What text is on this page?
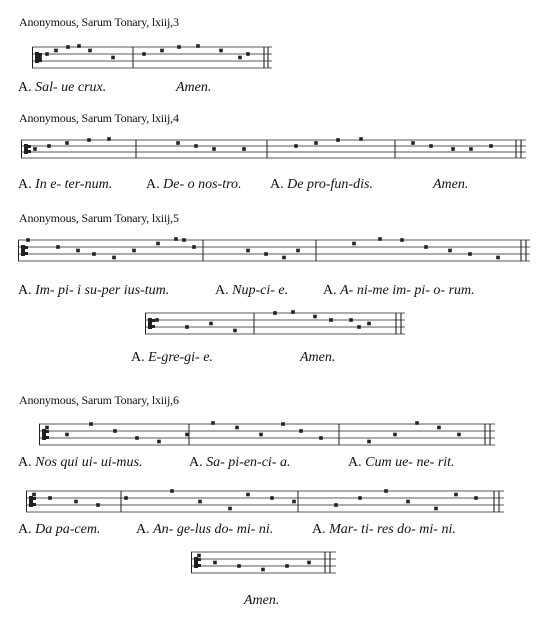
Anonymous, Sarum Tonary, lxiij,3
Anonymous, Sarum Tonary, lxiij,4
Anonymous, Sarum Tonary, lxiij,5
Anonymous, Sarum Tonary, lxiij,6
A. Sal- ue crux.	Amen.
A. In e- ter-num. A. De- o nos-tro. A. De pro-fun-dis.	Amen.
A. Im- pi- i su-per ius-tum.	A. Nup-ci- e. A. A- ni-me im- pi- o- rum.
A. E-gre-gi- e.	Amen.
A. Nos qui ui- ui-mus.	A. Sa- pi-en-ci- a.	A. Cum ue- ne- rit.
A. Da pa-cem.	A. An- ge-lus do- mi- ni.	A. Mar- ti- res do- mi- ni.
Amen.
